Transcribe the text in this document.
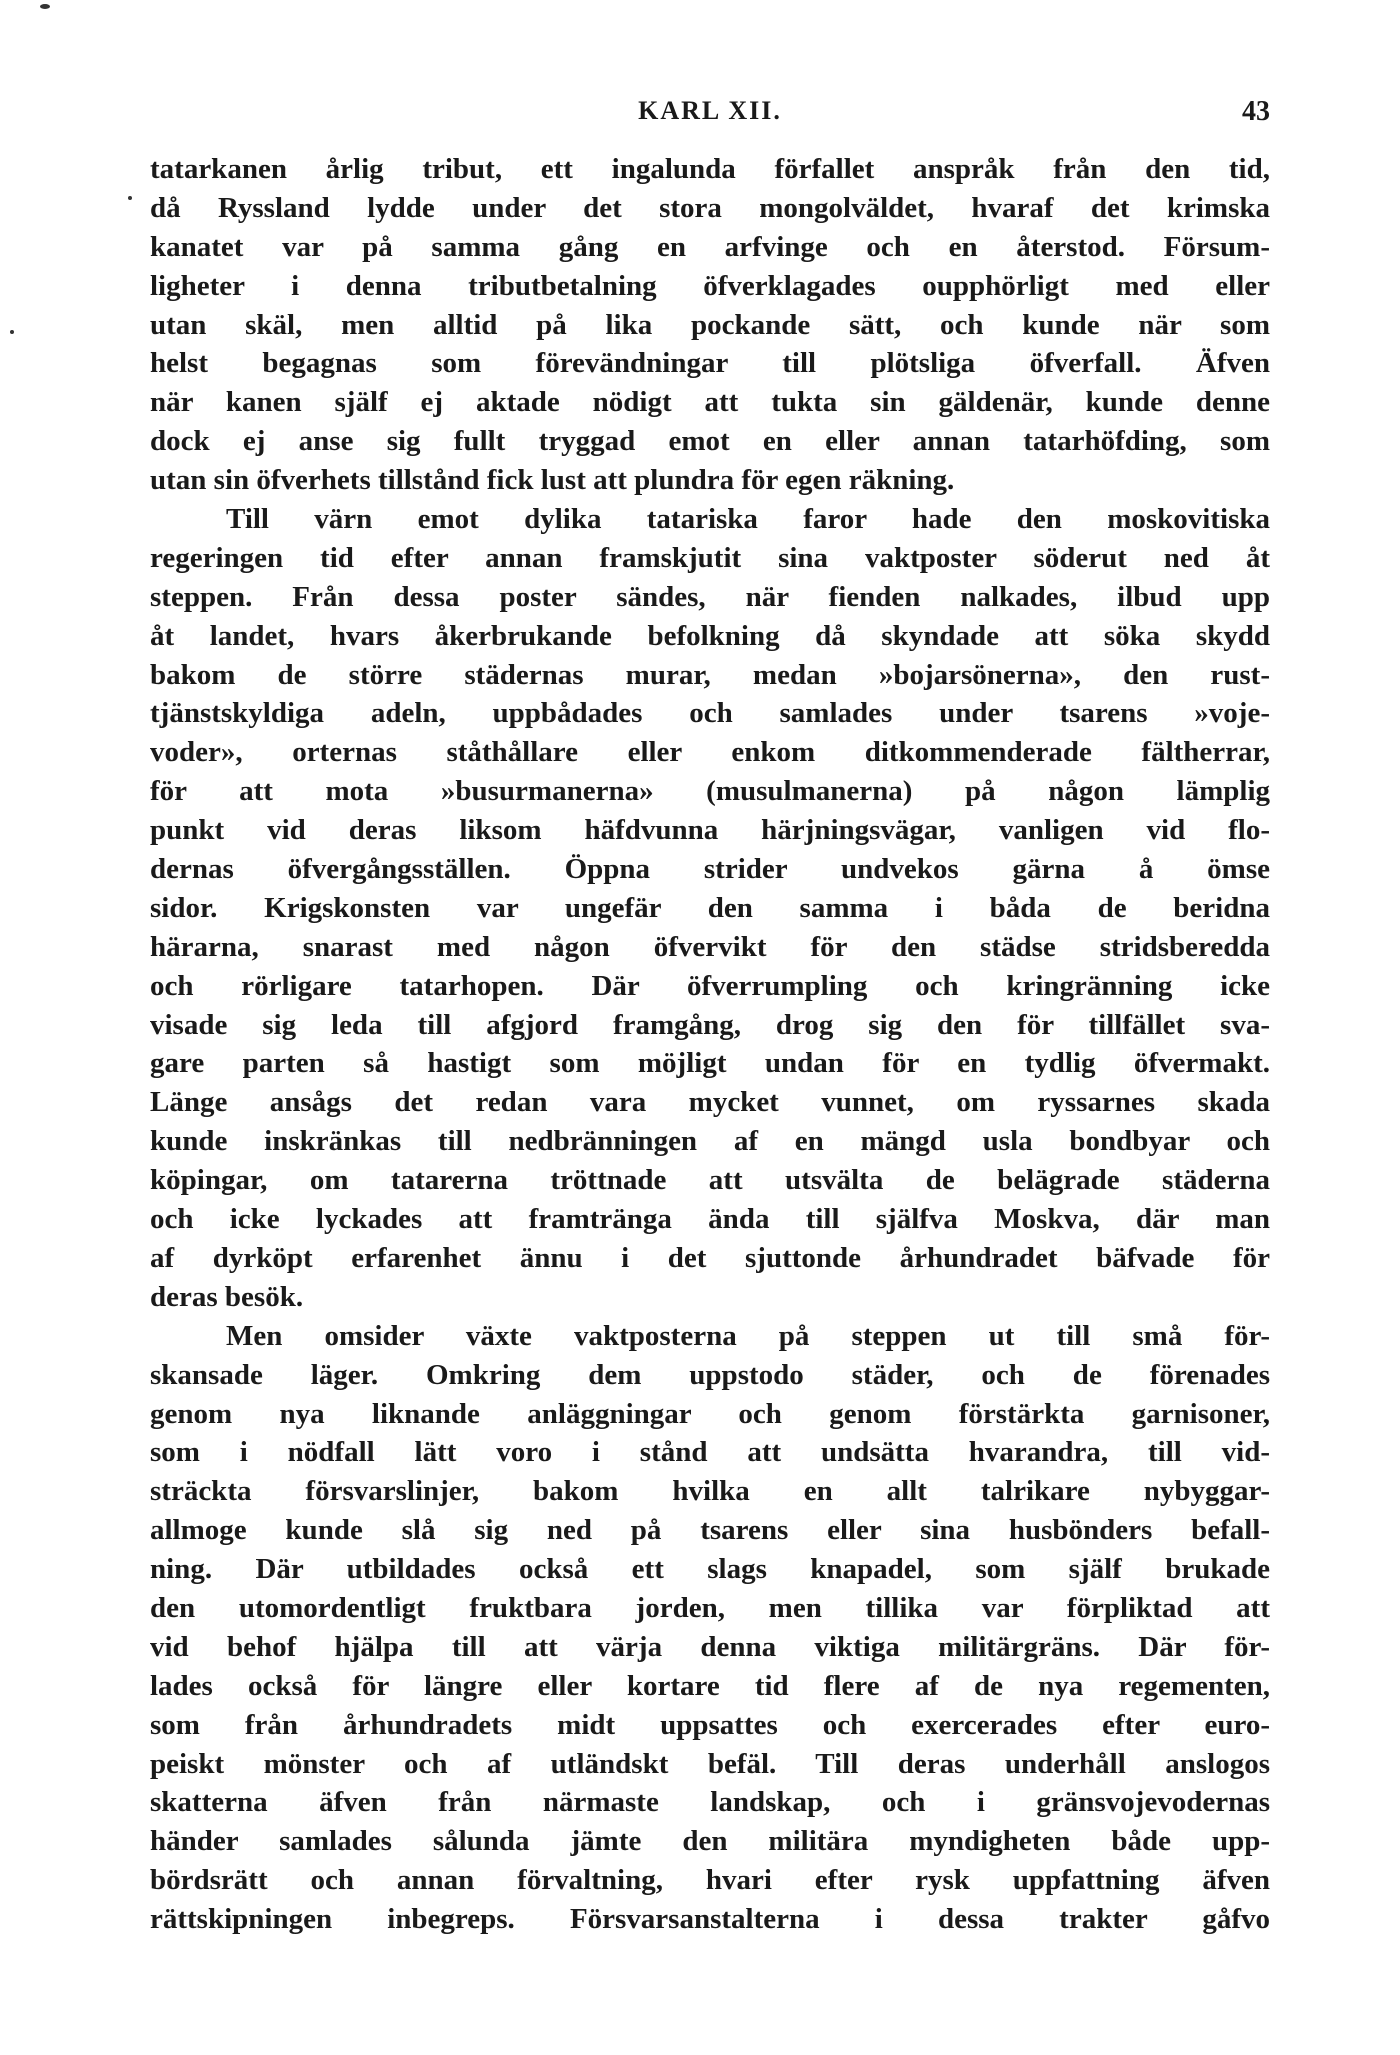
KARL XII.	43
tatarkanen årlig tribut, ett ingalunda förfallet anspråk från den tid,
då Ryssland lydde under det stora mongolväldet, hvaraf det krimska
kanatet var på samma gång en arfvinge och en återstod. Försum-
ligheter i denna tributbetalning öfverklagades oupphörligt med eller
utan skäl, men alltid på lika pockande sätt, och kunde när som
helst begagnas som förevändningar till plötsliga öfverfall. Äfven
när kanen själf ej aktade nödigt att tukta sin gäldenär, kunde denne
dock ej anse sig fullt tryggad emot en eller annan tatarhöfding, som
utan sin öfverhets tillstånd fick lust att plundra för egen räkning.
Till värn emot dylika tatariska faror hade den moskovitiska
regeringen tid efter annan framskjutit sina vaktposter söderut ned åt
steppen. Från dessa poster sändes, när fienden nalkades, ilbud upp
åt landet, hvars åkerbrukande befolkning då skyndade att söka skydd
bakom de större städernas murar, medan »bojarsönerna», den rust-
tjänstskyldiga adeln, uppbådades och samlades under tsarens »voje-
voder», orternas ståthållare eller enkom ditkommenderade fältherrar,
för att mota »busurmanerna» (musulmanerna) på någon lämplig
punkt vid deras liksom häfdvunna härjningsvägar, vanligen vid flo-
dernas öfvergångsställen. Öppna strider undvekos gärna å ömse
sidor. Krigskonsten var ungefär den samma i båda de beridna
härarna, snarast med någon öfvervikt för den städse stridsberedda
och rörligare tatarhopen. Där öfverrumpling och kringränning icke
visade sig leda till afgjord framgång, drog sig den för tillfället sva-
gare parten så hastigt som möjligt undan för en tydlig öfvermakt.
Länge ansågs det redan vara mycket vunnet, om ryssarnes skada
kunde inskränkas till nedbränningen af en mängd usla bondbyar och
köpingar, om tatarerna tröttnade att utsvälta de belägrade städerna
och icke lyckades att framtränga ända till själfva Moskva, där man
af dyrköpt erfarenhet ännu i det sjuttonde århundradet bäfvade för
deras besök.
Men omsider växte vaktposterna på steppen ut till små för-
skansade läger. Omkring dem uppstodo städer, och de förenades
genom nya liknande anläggningar och genom förstärkta garnisoner,
som i nödfall lätt voro i stånd att undsätta hvarandra, till vid-
sträckta försvarslinjer, bakom hvilka en allt talrikare nybyggar-
allmoge kunde slå sig ned på tsarens eller sina husbönders befall-
ning. Där utbildades också ett slags knapadel, som själf brukade
den utomordentligt fruktbara jorden, men tillika var förpliktad att
vid behof hjälpa till att värja denna viktiga militärgräns. Där för-
lades också för längre eller kortare tid flere af de nya regementen,
som från århundradets midt uppsattes och exercerades efter euro-
peiskt mönster och af utländskt befäl. Till deras underhåll anslogos
skatterna äfven från närmaste landskap, och i gränsvojevodernas
händer samlades sålunda jämte den militära myndigheten både upp-
bördsrätt och annan förvaltning, hvari efter rysk uppfattning äfven
rättskipningen inbegreps. Försvarsanstalterna i dessa trakter gåfvo
